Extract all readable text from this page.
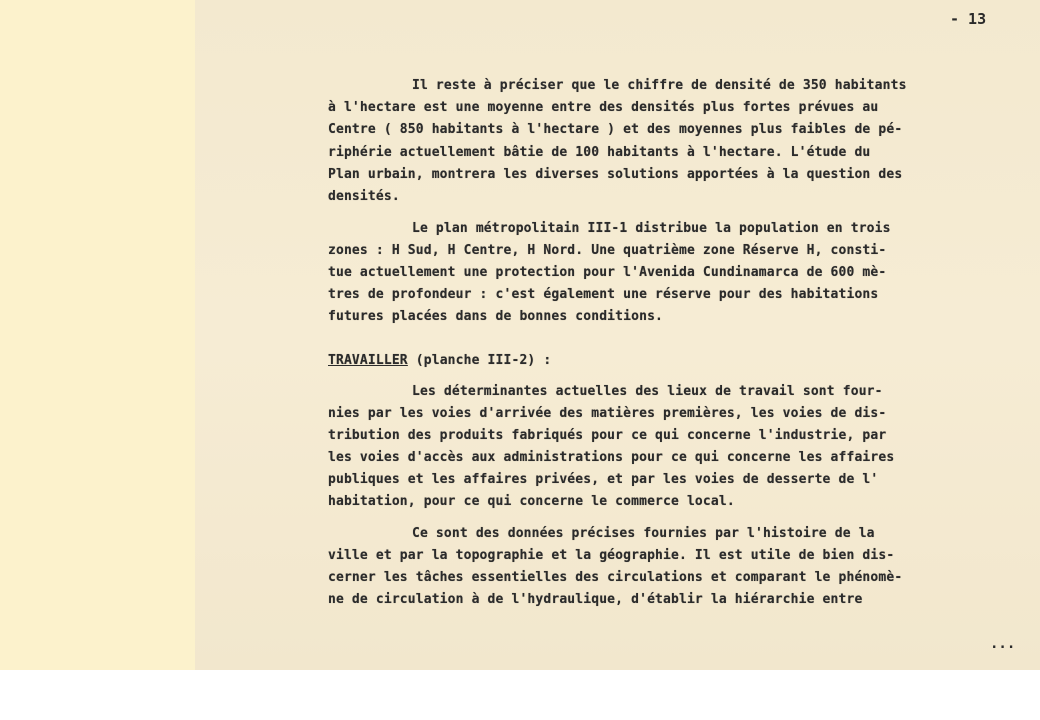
- 13
Il reste à préciser que le chiffre de densité de 350 habitants
à l'hectare est une moyenne entre des densités plus fortes prévues au
Centre ( 850 habitants à l'hectare ) et des moyennes plus faibles de pé-
riphérie actuellement bâtie de 100 habitants à l'hectare. L'étude du
Plan urbain, montrera les diverses solutions apportées à la question des
densités.
Le plan métropolitain III-1 distribue la population en trois
zones : H Sud, H Centre, H Nord. Une quatrième zone Réserve H, consti-
tue actuellement une protection pour l'Avenida Cundinamarca de 600 mè-
tres de profondeur : c'est également une réserve pour des habitations
futures placées dans de bonnes conditions.
TRAVAILLER (planche III-2) :
Les déterminantes actuelles des lieux de travail sont four-
nies par les voies d'arrivée des matières premières, les voies de dis-
tribution des produits fabriqués pour ce qui concerne l'industrie, par
les voies d'accès aux administrations pour ce qui concerne les affaires
publiques et les affaires privées, et par les voies de desserte de l'
habitation, pour ce qui concerne le commerce local.
Ce sont des données précises fournies par l'histoire de la
ville et par la topographie et la géographie. Il est utile de bien dis-
cerner les tâches essentielles des circulations et comparant le phénomè-
ne de circulation à de l'hydraulique, d'établir la hiérarchie entre
...
